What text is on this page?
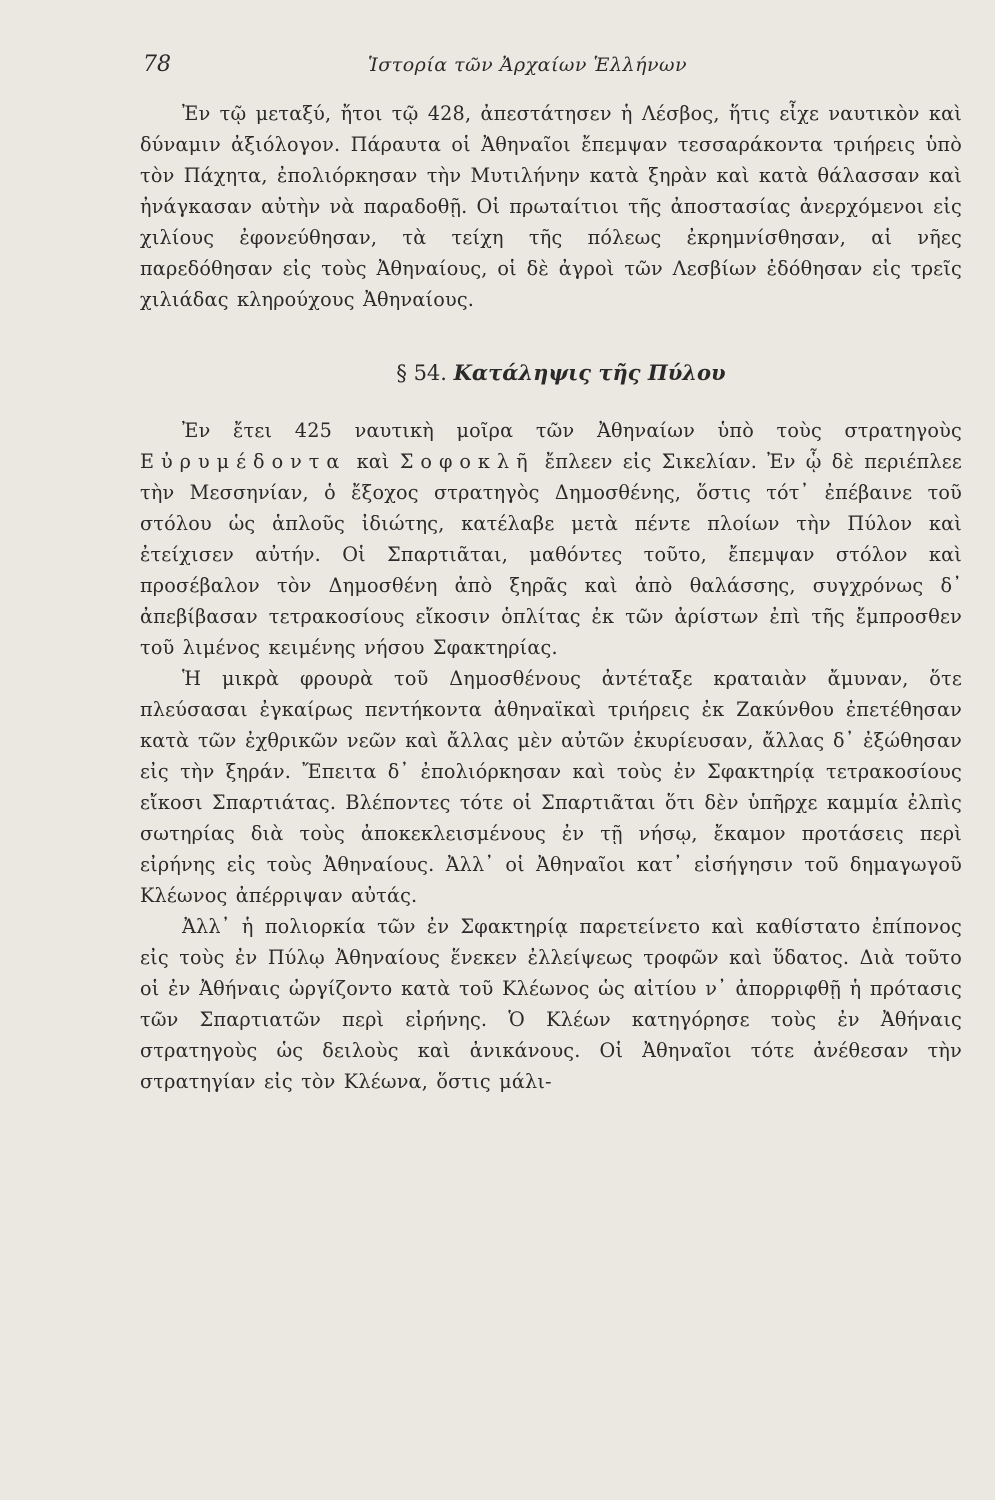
78	Ἱστορία τῶν Ἀρχαίων Ἑλλήνων

Ἐν τῷ μεταξύ, ἤτοι τῷ 428, ἀπεστάτησεν ἡ Λέσβος, ἥτις εἶχε ναυτικὸν καὶ δύναμιν ἀξιόλογον. Πάραυτα οἱ Ἀθηναῖοι ἔπεμψαν τεσσαράκοντα τριήρεις ὑπὸ τὸν Πάχητα, ἐπολιόρκησαν τὴν Μυτιλήνην κατὰ ξηρὰν καὶ κατὰ θάλασσαν καὶ ἠνάγκασαν αὐτὴν νὰ παραδοθῇ. Οἱ πρωταίτιοι τῆς ἀποστασίας ἀνερχόμενοι εἰς χιλίους ἐφονεύθησαν, τὰ τείχη τῆς πόλεως ἐκρημνίσθησαν, αἱ νῆες παρεδόθησαν εἰς τοὺς Ἀθηναίους, οἱ δὲ ἀγροὶ τῶν Λεσβίων ἐδόθησαν εἰς τρεῖς χιλιάδας κληρούχους Ἀθηναίους.

§ 54. Κατάληψις τῆς Πύλου

Ἐν ἔτει 425 ναυτικὴ μοῖρα τῶν Ἀθηναίων ὑπὸ τοὺς στρατηγοὺς Εὐρυμέδοντα καὶ Σοφοκλῆ ἔπλεεν εἰς Σικελίαν. Ἐν ᾧ δὲ περιέπλεε τὴν Μεσσηνίαν, ὁ ἔξοχος στρατηγὸς Δημοσθένης, ὅστις τότ᾽ ἐπέβαινε τοῦ στόλου ὡς ἁπλοῦς ἰδιώτης, κατέλαβε μετὰ πέντε πλοίων τὴν Πύλον καὶ ἐτείχισεν αὐτήν. Οἱ Σπαρτιᾶται, μαθόντες τοῦτο, ἔπεμψαν στόλον καὶ προσέβαλον τὸν Δημοσθένη ἀπὸ ξηρᾶς καὶ ἀπὸ θαλάσσης, συγχρόνως δ᾽ ἀπεβίβασαν τετρακοσίους εἴκοσιν ὁπλίτας ἐκ τῶν ἀρίστων ἐπὶ τῆς ἔμπροσθεν τοῦ λιμένος κειμένης νήσου Σφακτηρίας.

Ἡ μικρὰ φρουρὰ τοῦ Δημοσθένους ἀντέταξε κραταιὰν ἄμυναν, ὅτε πλεύσασαι ἐγκαίρως πεντήκοντα ἀθηναϊκαὶ τριήρεις ἐκ Ζακύνθου ἐπετέθησαν κατὰ τῶν ἐχθρικῶν νεῶν καὶ ἄλλας μὲν αὐτῶν ἐκυρίευσαν, ἄλλας δ᾽ ἐξώθησαν εἰς τὴν ξηράν. Ἔπειτα δ᾽ ἐπολιόρκησαν καὶ τοὺς ἐν Σφακτηρίᾳ τετρακοσίους εἴκοσι Σπαρτιάτας. Βλέποντες τότε οἱ Σπαρτιᾶται ὅτι δὲν ὑπῆρχε καμμία ἐλπὶς σωτηρίας διὰ τοὺς ἀποκεκλεισμένους ἐν τῇ νήσῳ, ἔκαμον προτάσεις περὶ εἰρήνης εἰς τοὺς Ἀθηναίους. Ἀλλ᾽ οἱ Ἀθηναῖοι κατ᾽ εἰσήγησιν τοῦ δημαγωγοῦ Κλέωνος ἀπέρριψαν αὐτάς.

Ἀλλ᾽ ἡ πολιορκία τῶν ἐν Σφακτηρίᾳ παρετείνετο καὶ καθίστατο ἐπίπονος εἰς τοὺς ἐν Πύλῳ Ἀθηναίους ἕνεκεν ἐλλείψεως τροφῶν καὶ ὕδατος. Διὰ τοῦτο οἱ ἐν Ἀθήναις ὠργίζοντο κατὰ τοῦ Κλέωνος ὡς αἰτίου ν᾽ ἀπορριφθῇ ἡ πρότασις τῶν Σπαρτιατῶν περὶ εἰρήνης. Ὁ Κλέων κατηγόρησε τοὺς ἐν Ἀθήναις στρατηγοὺς ὡς δειλοὺς καὶ ἀνικάνους. Οἱ Ἀθηναῖοι τότε ἀνέθεσαν τὴν στρατηγίαν εἰς τὸν Κλέωνα, ὅστις μάλι-
